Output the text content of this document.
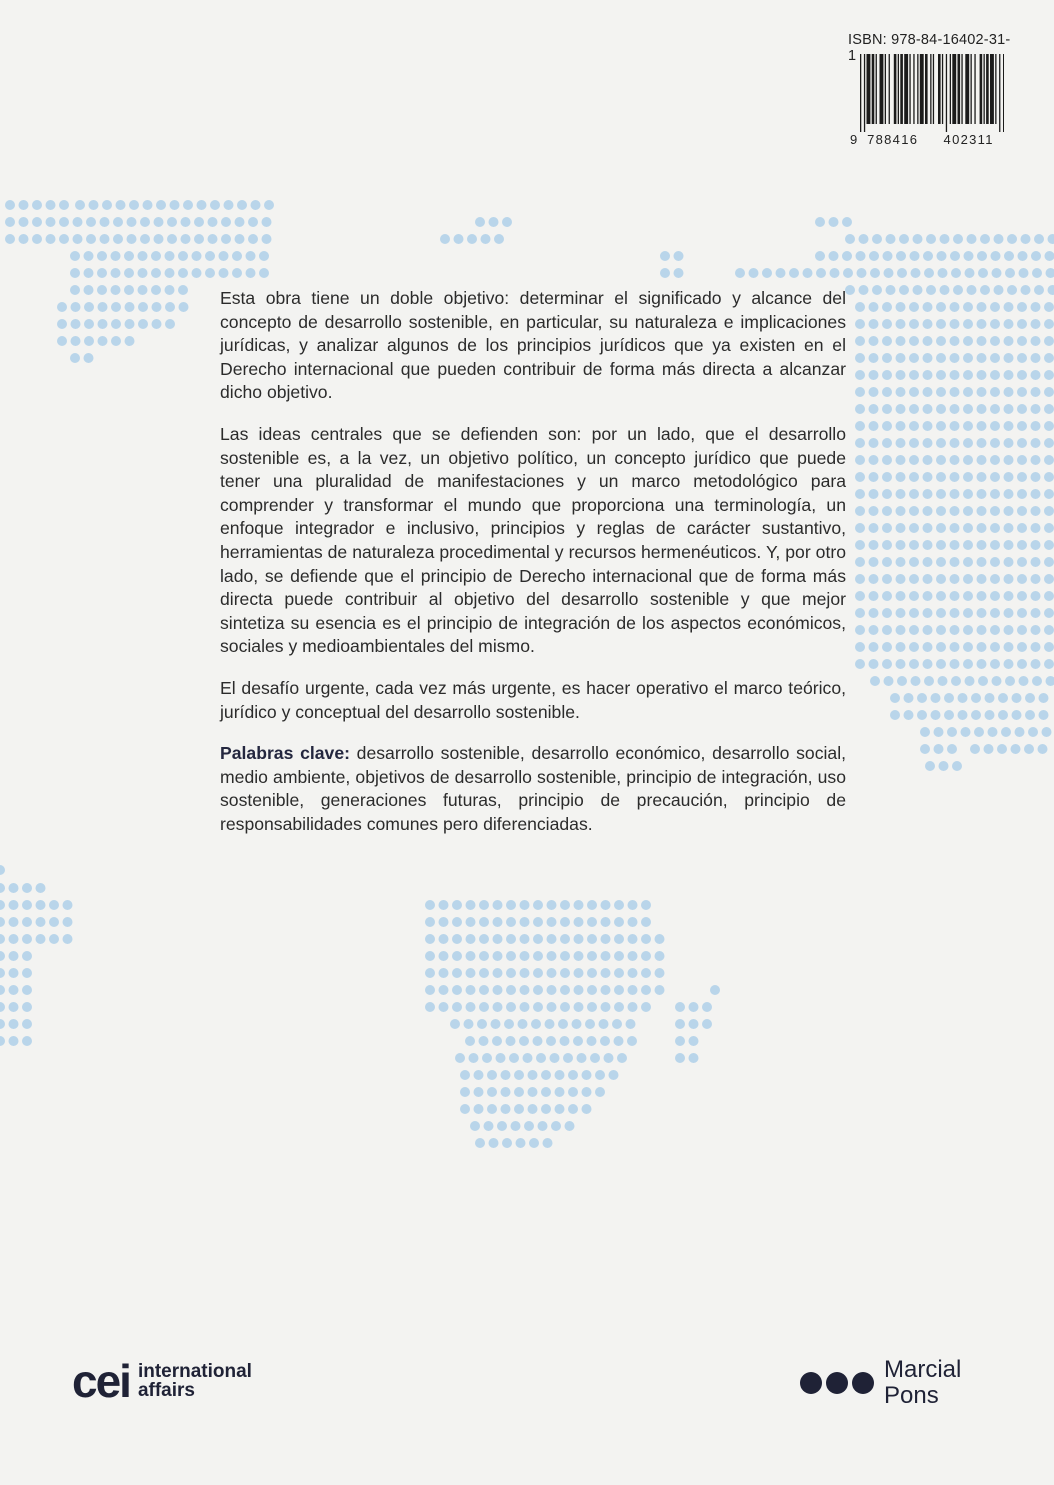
ISBN: 978-84-16402-31-1
9 788416	402311

Esta obra tiene un doble objetivo: determinar el significado y alcance del concepto de desarrollo sostenible, en particular, su naturaleza e implicaciones jurídicas, y analizar algunos de los principios jurídicos que ya existen en el Derecho internacional que pueden contribuir de forma más directa a alcanzar dicho objetivo.

Las ideas centrales que se defienden son: por un lado, que el desarrollo sostenible es, a la vez, un objetivo político, un concepto jurídico que puede tener una pluralidad de manifestaciones y un marco metodológico para comprender y transformar el mundo que proporciona una terminología, un enfoque integrador e inclusivo, principios y reglas de carácter sustantivo, herramientas de naturaleza procedimental y recursos hermenéuticos. Y, por otro lado, se defiende que el principio de Derecho internacional que de forma más directa puede contribuir al objetivo del desarrollo sostenible y que mejor sintetiza su esencia es el principio de integración de los aspectos económicos, sociales y medioambientales del mismo.

El desafío urgente, cada vez más urgente, es hacer operativo el marco teórico, jurídico y conceptual del desarrollo sostenible.

Palabras clave: desarrollo sostenible, desarrollo económico, desarrollo social, medio ambiente, objetivos de desarrollo sostenible, principio de integración, uso sostenible, generaciones futuras, principio de precaución, principio de responsabilidades comunes pero diferenciadas.

cei international
affairs
Marcial
Pons
